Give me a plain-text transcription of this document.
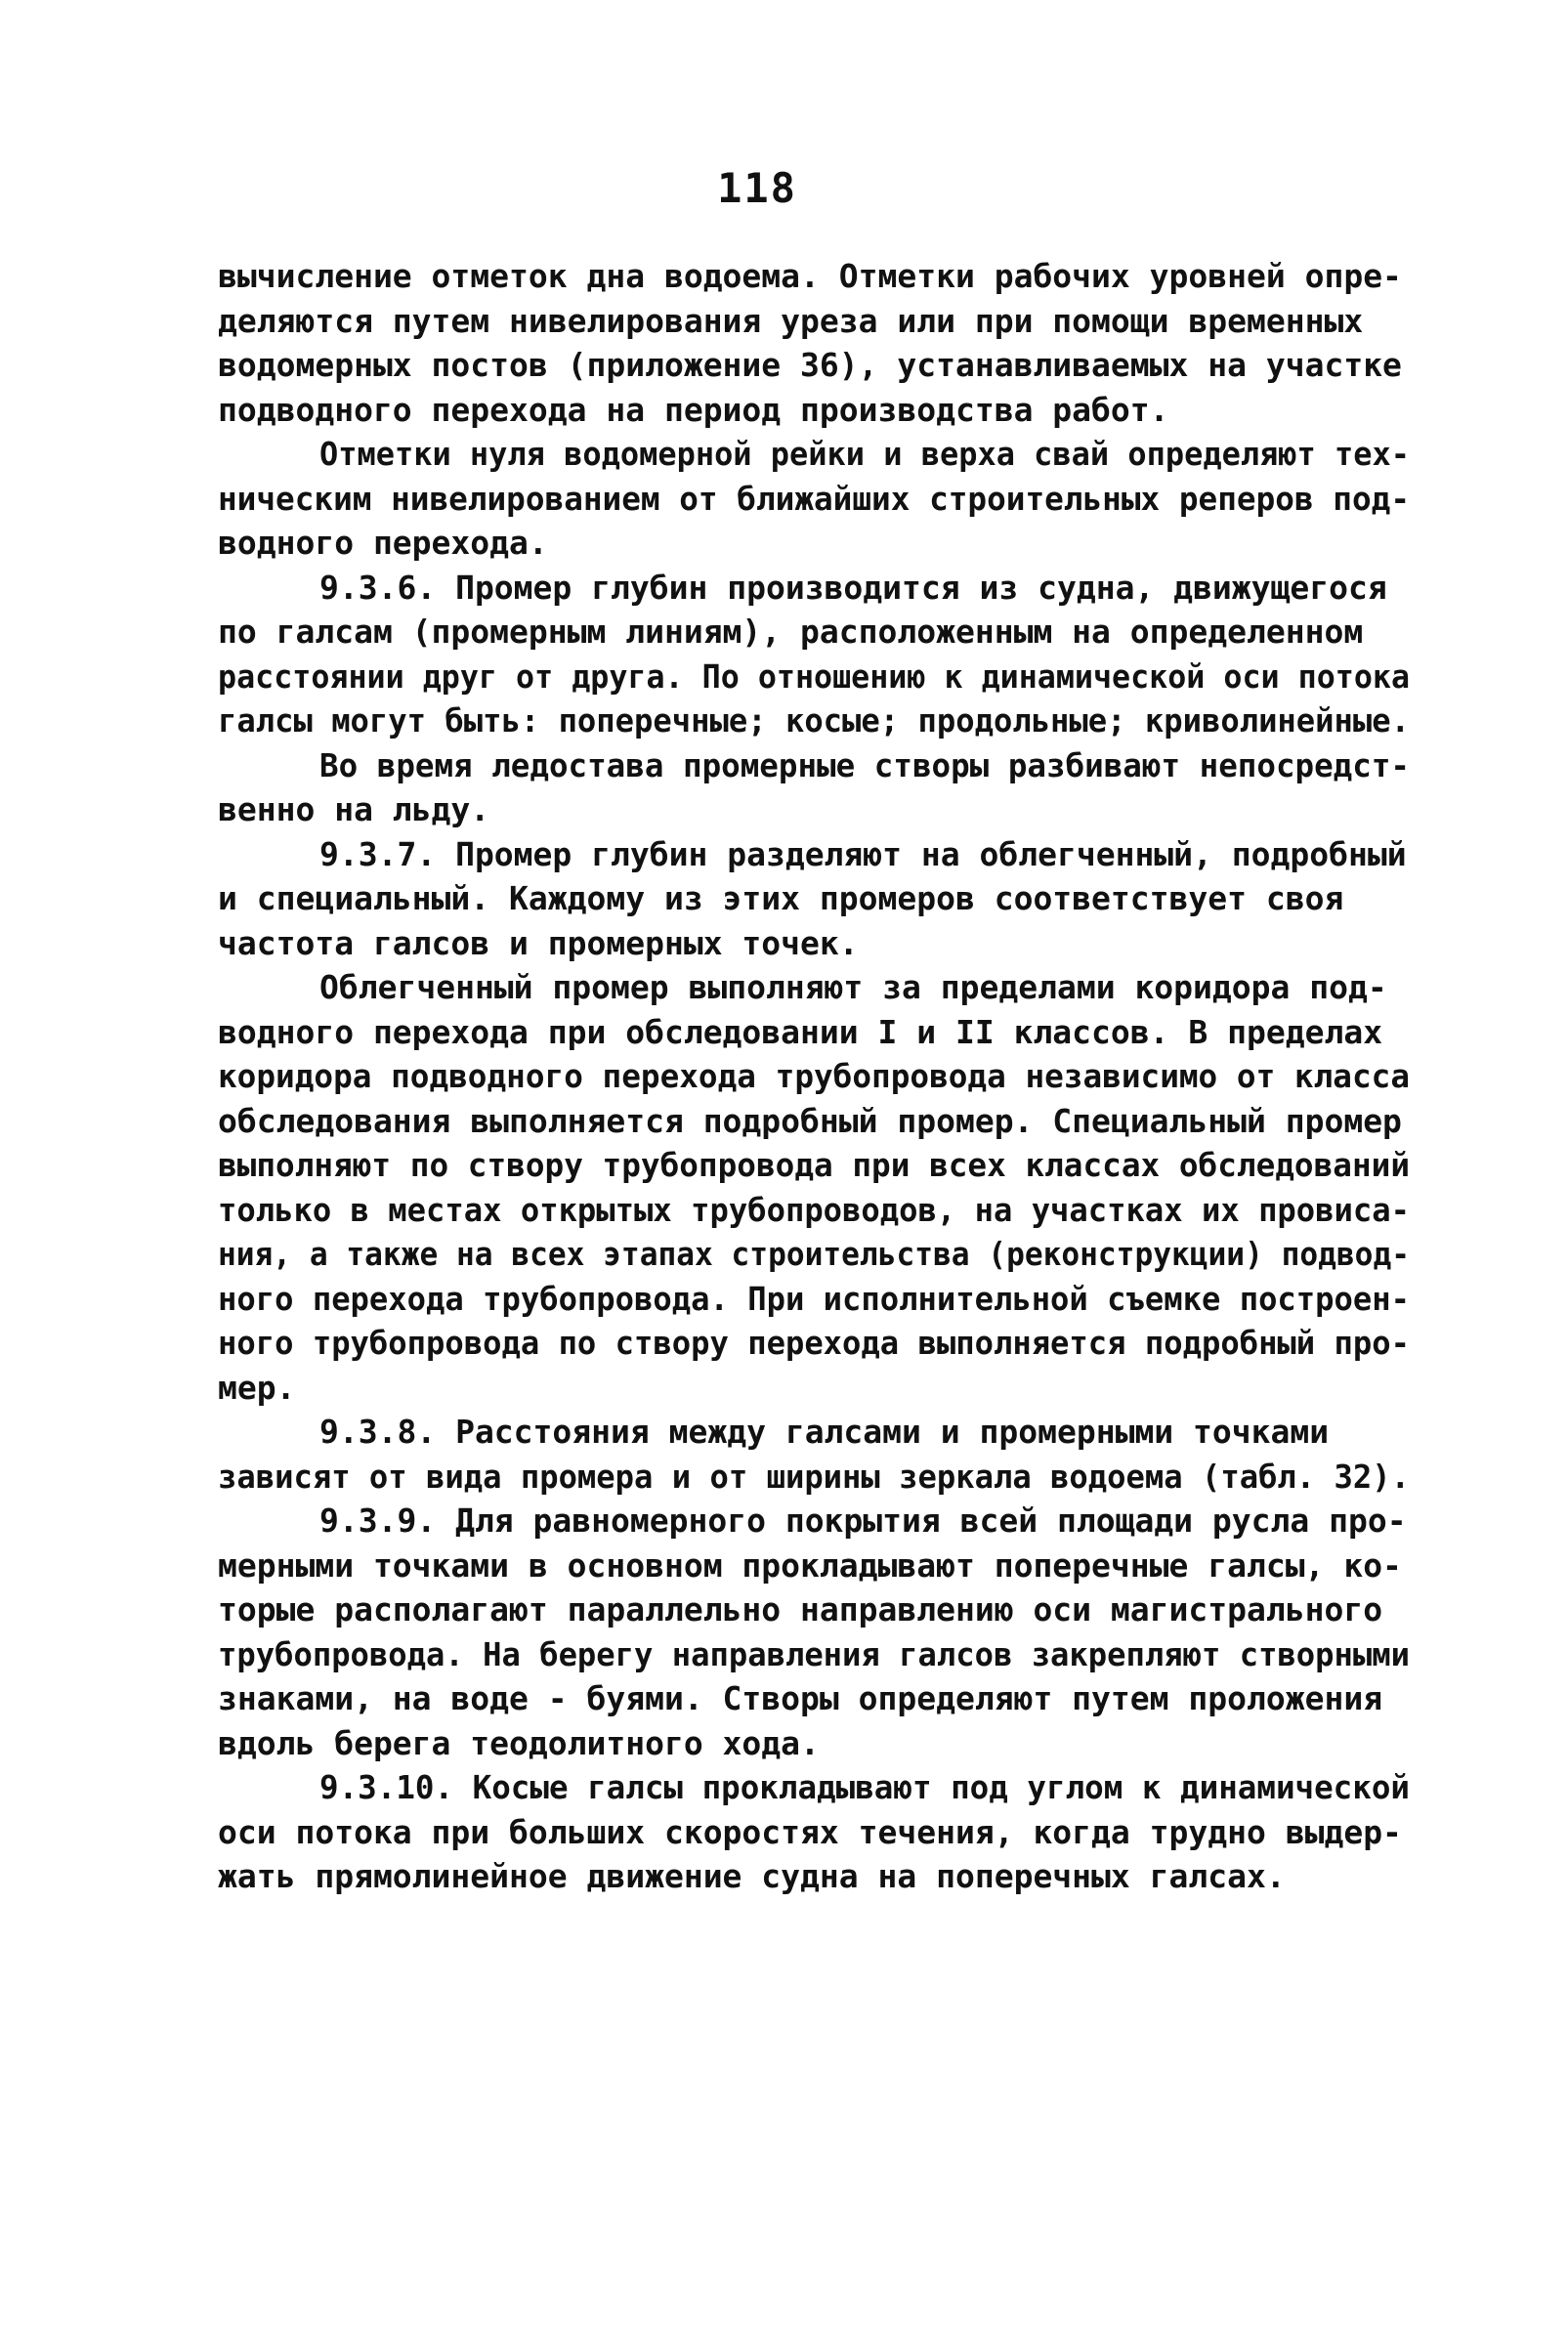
118
вычисление отметок дна водоема. Отметки рабочих уровней опре-
деляются путем нивелирования уреза или при помощи временных
водомерных постов (приложение 36), устанавливаемых на участке
подводного перехода на период производства работ.
Отметки нуля водомерной рейки и верха свай определяют тех-
ническим нивелированием от ближайших строительных реперов под-
водного перехода.
9.3.6. Промер глубин производится из судна, движущегося
по галсам (промерным линиям), расположенным на определенном
расстоянии друг от друга. По отношению к динамической оси потока
галсы могут быть: поперечные; косые; продольные; криволинейные.
Во время ледостава промерные створы разбивают непосредст-
венно на льду.
9.3.7. Промер глубин разделяют на облегченный, подробный
и специальный. Каждому из этих промеров соответствует своя
частота галсов и промерных точек.
Облегченный промер выполняют за пределами коридора под-
водного перехода при обследовании I и II классов. В пределах
коридора подводного перехода трубопровода независимо от класса
обследования выполняется подробный промер. Специальный промер
выполняют по створу трубопровода при всех классах обследований
только в местах открытых трубопроводов, на участках их провиса-
ния, а также на всех этапах строительства (реконструкции) подвод-
ного перехода трубопровода. При исполнительной съемке построен-
ного трубопровода по створу перехода выполняется подробный про-
мер.
9.3.8. Расстояния между галсами и промерными точками
зависят от вида промера и от ширины зеркала водоема (табл. 32).
9.3.9. Для равномерного покрытия всей площади русла про-
мерными точками в основном прокладывают поперечные галсы, ко-
торые располагают параллельно направлению оси магистрального
трубопровода. На берегу направления галсов закрепляют створными
знаками, на воде - буями. Створы определяют путем проложения
вдоль берега теодолитного хода.
9.3.10. Косые галсы прокладывают под углом к динамической
оси потока при больших скоростях течения, когда трудно выдер-
жать прямолинейное движение судна на поперечных галсах.
